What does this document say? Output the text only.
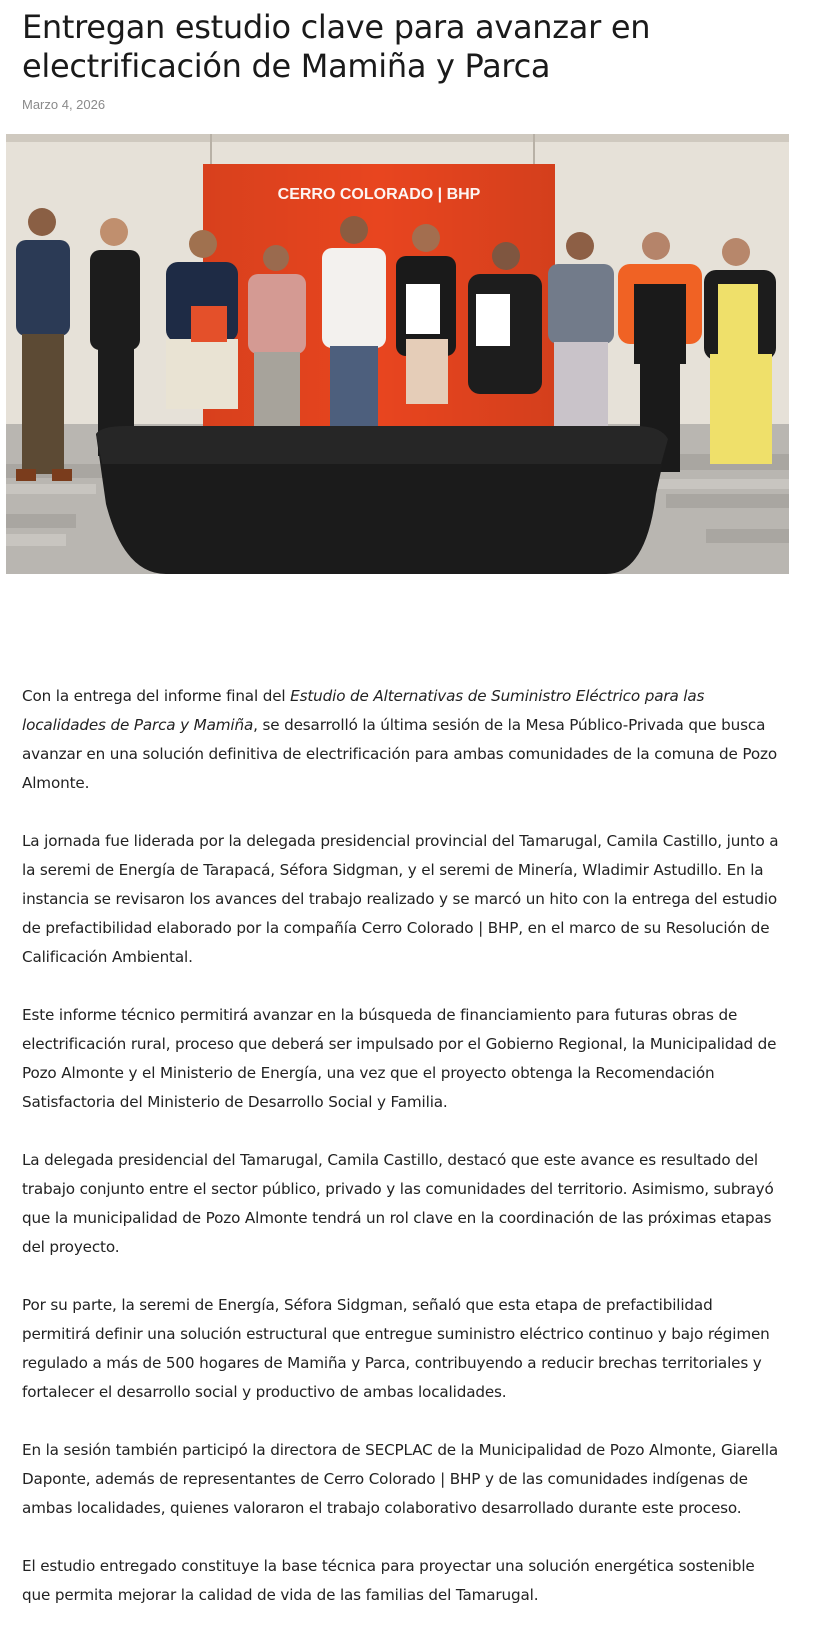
Entregan estudio clave para avanzar en electrificación de Mamiña y Parca
Marzo 4, 2026
CERRO COLORADO | BHP

Con la entrega del informe final del Estudio de Alternativas de Suministro Eléctrico para las localidades de Parca y Mamiña, se desarrolló la última sesión de la Mesa Público-Privada que busca avanzar en una solución definitiva de electrificación para ambas comunidades de la comuna de Pozo Almonte.

La jornada fue liderada por la delegada presidencial provincial del Tamarugal, Camila Castillo, junto a la seremi de Energía de Tarapacá, Séfora Sidgman, y el seremi de Minería, Wladimir Astudillo. En la instancia se revisaron los avances del trabajo realizado y se marcó un hito con la entrega del estudio de prefactibilidad elaborado por la compañía Cerro Colorado | BHP, en el marco de su Resolución de Calificación Ambiental.

Este informe técnico permitirá avanzar en la búsqueda de financiamiento para futuras obras de electrificación rural, proceso que deberá ser impulsado por el Gobierno Regional, la Municipalidad de Pozo Almonte y el Ministerio de Energía, una vez que el proyecto obtenga la Recomendación Satisfactoria del Ministerio de Desarrollo Social y Familia.

La delegada presidencial del Tamarugal, Camila Castillo, destacó que este avance es resultado del trabajo conjunto entre el sector público, privado y las comunidades del territorio. Asimismo, subrayó que la municipalidad de Pozo Almonte tendrá un rol clave en la coordinación de las próximas etapas del proyecto.

Por su parte, la seremi de Energía, Séfora Sidgman, señaló que esta etapa de prefactibilidad permitirá definir una solución estructural que entregue suministro eléctrico continuo y bajo régimen regulado a más de 500 hogares de Mamiña y Parca, contribuyendo a reducir brechas territoriales y fortalecer el desarrollo social y productivo de ambas localidades.

En la sesión también participó la directora de SECPLAC de la Municipalidad de Pozo Almonte, Giarella Daponte, además de representantes de Cerro Colorado | BHP y de las comunidades indígenas de ambas localidades, quienes valoraron el trabajo colaborativo desarrollado durante este proceso.

El estudio entregado constituye la base técnica para proyectar una solución energética sostenible que permita mejorar la calidad de vida de las familias del Tamarugal.
